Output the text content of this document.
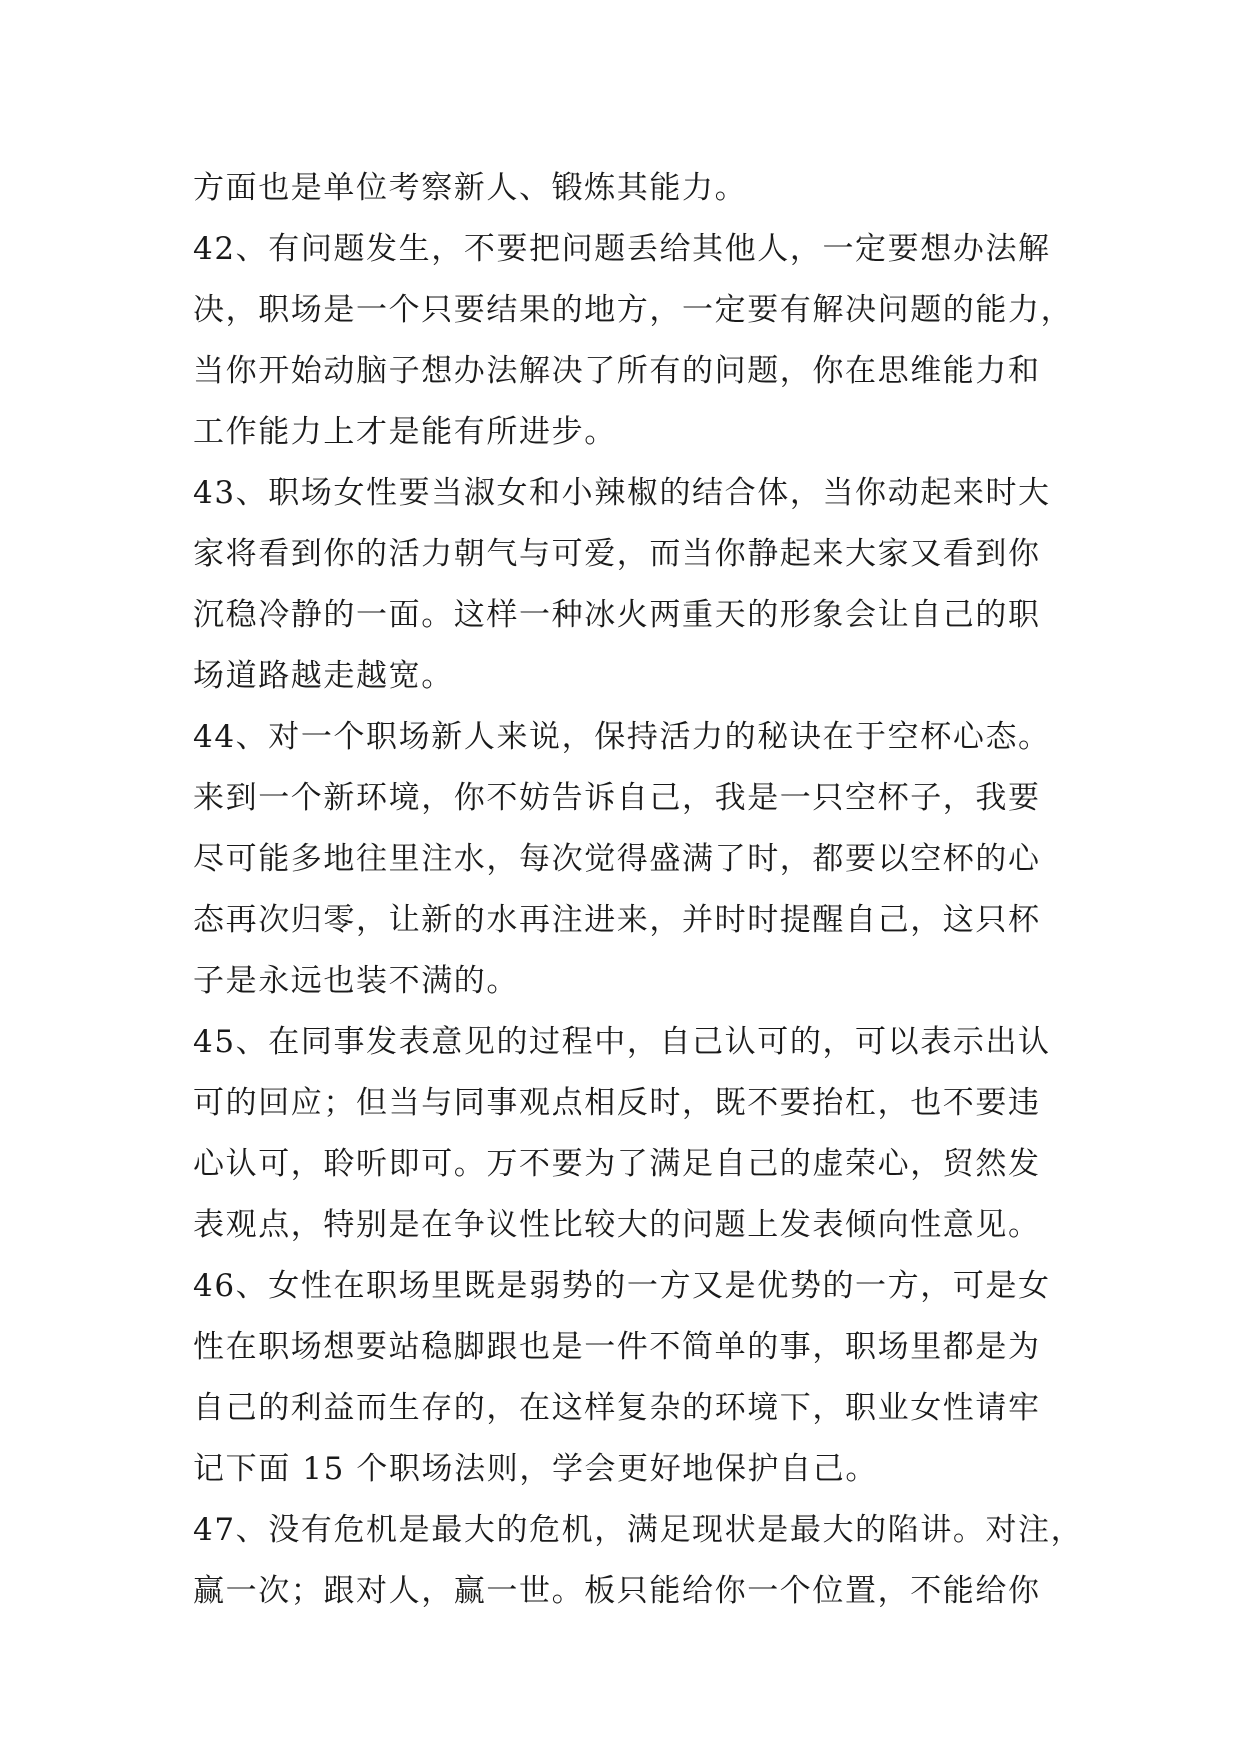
方面也是单位考察新人、锻炼其能力。
42、有问题发生，不要把问题丢给其他人，一定要想办法解
决，职场是一个只要结果的地方，一定要有解决问题的能力，
当你开始动脑子想办法解决了所有的问题，你在思维能力和
工作能力上才是能有所进步。
43、职场女性要当淑女和小辣椒的结合体，当你动起来时大
家将看到你的活力朝气与可爱，而当你静起来大家又看到你
沉稳冷静的一面。这样一种冰火两重天的形象会让自己的职
场道路越走越宽。
44、对一个职场新人来说，保持活力的秘诀在于空杯心态。
来到一个新环境，你不妨告诉自己，我是一只空杯子，我要
尽可能多地往里注水，每次觉得盛满了时，都要以空杯的心
态再次归零，让新的水再注进来，并时时提醒自己，这只杯
子是永远也装不满的。
45、在同事发表意见的过程中，自己认可的，可以表示出认
可的回应；但当与同事观点相反时，既不要抬杠，也不要违
心认可，聆听即可。万不要为了满足自己的虚荣心，贸然发
表观点，特别是在争议性比较大的问题上发表倾向性意见。
46、女性在职场里既是弱势的一方又是优势的一方，可是女
性在职场想要站稳脚跟也是一件不简单的事，职场里都是为
自己的利益而生存的，在这样复杂的环境下，职业女性请牢
记下面 15 个职场法则，学会更好地保护自己。
47、没有危机是最大的危机，满足现状是最大的陷讲。对注，
赢一次；跟对人，赢一世。板只能给你一个位置，不能给你
